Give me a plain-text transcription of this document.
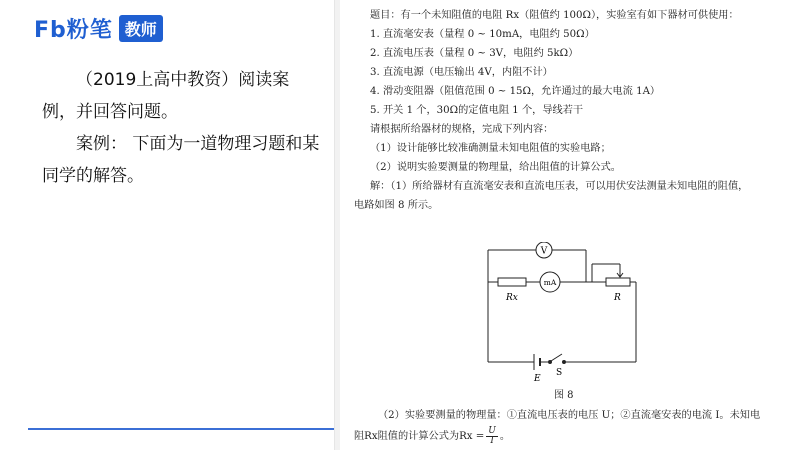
Fb粉笔 教师

（2019上高中教资）阅读案例，并回答问题。

案例： 下面为一道物理习题和某同学的解答。

题目：有一个未知阻值的电阻 Rx（阻值约 100Ω），实验室有如下器材可供使用：
1. 直流毫安表（量程 0 ~ 10mA，电阻约 50Ω）
2. 直流电压表（量程 0 ~ 3V，电阻约 5kΩ）
3. 直流电源（电压输出 4V，内阻不计）
4. 滑动变阻器（阻值范围 0 ~ 15Ω，允许通过的最大电流 1A）
5. 开关 1 个，30Ω的定值电阻 1 个，导线若干
请根据所给器材的规格，完成下列内容：
（1）设计能够比较准确测量未知电阻值的实验电路；
（2）说明实验要测量的物理量，给出阻值的计算公式。
解：（1）所给器材有直流毫安表和直流电压表，可以用伏安法测量未知电阻的阻值，
电路如图 8 所示。
V
mA
Rx	R
E
S
图 8
（2）实验要测量的物理量：①直流电压表的电压 U；②直流毫安表的电流 I。未知电
阻Rx阻值的计算公式为$Rx = \frac{U}{I}$ 。
